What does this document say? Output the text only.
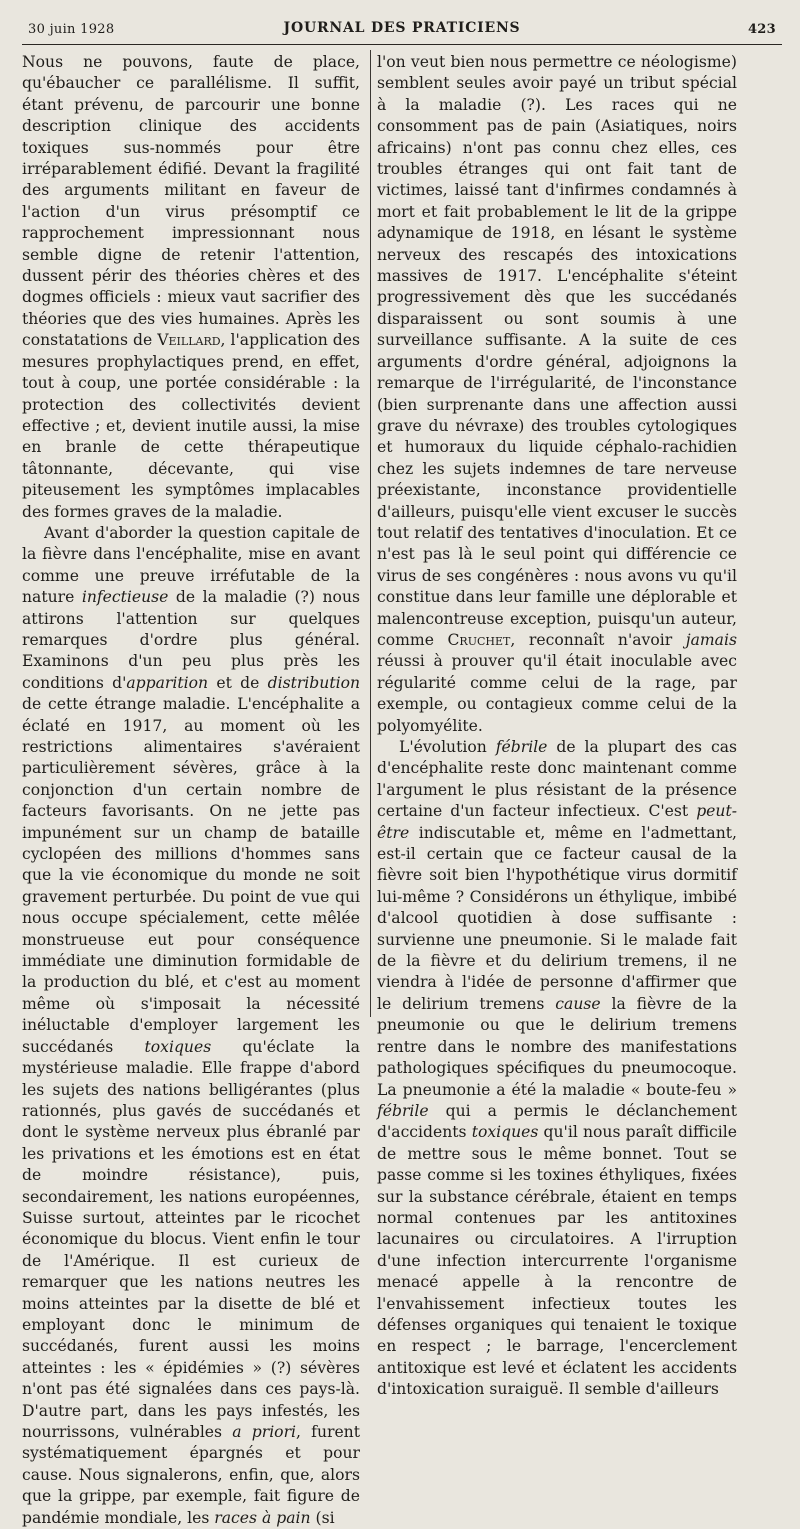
30 juin 1928	JOURNAL DES PRATICIENS	423

Nous ne pouvons, faute de place, qu'ébaucher ce parallélisme. Il suffit, étant prévenu, de parcourir une bonne description clinique des accidents toxiques sus-nommés pour être irréparablement édifié. Devant la fragilité des arguments militant en faveur de l'action d'un virus présomptif ce rapprochement impressionnant nous semble digne de retenir l'attention, dussent périr des théories chères et des dogmes officiels : mieux vaut sacrifier des théories que des vies humaines. Après les constatations de Veillard, l'application des mesures prophylactiques prend, en effet, tout à coup, une portée considérable : la protection des collectivités devient effective ; et, devient inutile aussi, la mise en branle de cette thérapeutique tâtonnante, décevante, qui vise piteusement les symptômes implacables des formes graves de la maladie.

Avant d'aborder la question capitale de la fièvre dans l'encéphalite, mise en avant comme une preuve irréfutable de la nature infectieuse de la maladie (?) nous attirons l'attention sur quelques remarques d'ordre plus général. Examinons d'un peu plus près les conditions d'apparition et de distribution de cette étrange maladie. L'encéphalite a éclaté en 1917, au moment où les restrictions alimentaires s'avéraient particulièrement sévères, grâce à la conjonction d'un certain nombre de facteurs favorisants. On ne jette pas impunément sur un champ de bataille cyclopéen des millions d'hommes sans que la vie économique du monde ne soit gravement perturbée. Du point de vue qui nous occupe spécialement, cette mêlée monstrueuse eut pour conséquence immédiate une diminution formidable de la production du blé, et c'est au moment même où s'imposait la nécessité inéluctable d'employer largement les succédanés toxiques qu'éclate la mystérieuse maladie. Elle frappe d'abord les sujets des nations belligérantes (plus rationnés, plus gavés de succédanés et dont le système nerveux plus ébranlé par les privations et les émotions est en état de moindre résistance), puis, secondairement, les nations européennes, Suisse surtout, atteintes par le ricochet économique du blocus. Vient enfin le tour de l'Amérique. Il est curieux de remarquer que les nations neutres les moins atteintes par la disette de blé et employant donc le minimum de succédanés, furent aussi les moins atteintes : les « épidémies » (?) sévères n'ont pas été signalées dans ces pays-là. D'autre part, dans les pays infestés, les nourrissons, vulnérables a priori, furent systématiquement épargnés et pour cause. Nous signalerons, enfin, que, alors que la grippe, par exemple, fait figure de pandémie mondiale, les races à pain (si

l'on veut bien nous permettre ce néologisme) semblent seules avoir payé un tribut spécial à la maladie (?). Les races qui ne consomment pas de pain (Asiatiques, noirs africains) n'ont pas connu chez elles, ces troubles étranges qui ont fait tant de victimes, laissé tant d'infirmes condamnés à mort et fait probablement le lit de la grippe adynamique de 1918, en lésant le système nerveux des rescapés des intoxications massives de 1917. L'encéphalite s'éteint progressivement dès que les succédanés disparaissent ou sont soumis à une surveillance suffisante. A la suite de ces arguments d'ordre général, adjoignons la remarque de l'irrégularité, de l'inconstance (bien surprenante dans une affection aussi grave du névraxe) des troubles cytologiques et humoraux du liquide céphalo-rachidien chez les sujets indemnes de tare nerveuse préexistante, inconstance providentielle d'ailleurs, puisqu'elle vient excuser le succès tout relatif des tentatives d'inoculation. Et ce n'est pas là le seul point qui différencie ce virus de ses congénères : nous avons vu qu'il constitue dans leur famille une déplorable et malencontreuse exception, puisqu'un auteur, comme Cruchet, reconnaît n'avoir jamais réussi à prouver qu'il était inoculable avec régularité comme celui de la rage, par exemple, ou contagieux comme celui de la polyomyélite.

L'évolution fébrile de la plupart des cas d'encéphalite reste donc maintenant comme l'argument le plus résistant de la présence certaine d'un facteur infectieux. C'est peut-être indiscutable et, même en l'admettant, est-il certain que ce facteur causal de la fièvre soit bien l'hypothétique virus dormitif lui-même ? Considérons un éthylique, imbibé d'alcool quotidien à dose suffisante : survienne une pneumonie. Si le malade fait de la fièvre et du delirium tremens, il ne viendra à l'idée de personne d'affirmer que le delirium tremens cause la fièvre de la pneumonie ou que le delirium tremens rentre dans le nombre des manifestations pathologiques spécifiques du pneumocoque. La pneumonie a été la maladie « boute-feu » fébrile qui a permis le déclanchement d'accidents toxiques qu'il nous paraît difficile de mettre sous le même bonnet. Tout se passe comme si les toxines éthyliques, fixées sur la substance cérébrale, étaient en temps normal contenues par les antitoxines lacunaires ou circulatoires. A l'irruption d'une infection intercurrente l'organisme menacé appelle à la rencontre de l'envahissement infectieux toutes les défenses organiques qui tenaient le toxique en respect ; le barrage, l'encerclement antitoxique est levé et éclatent les accidents d'intoxication suraiguë. Il semble d'ailleurs
